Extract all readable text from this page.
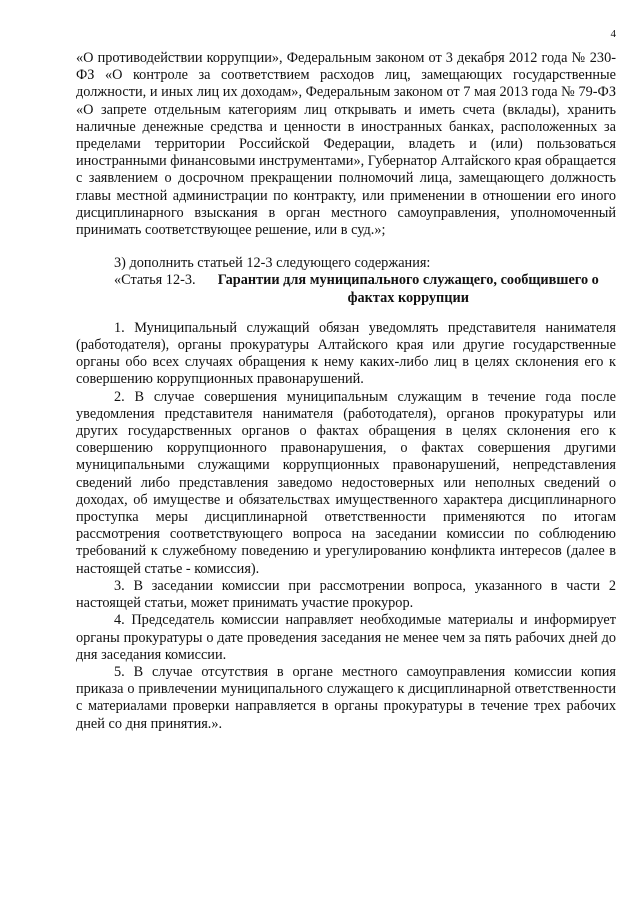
4

«О противодействии коррупции», Федеральным законом от 3 декабря 2012 года № 230-ФЗ «О контроле за соответствием расходов лиц, замещающих государственные должности, и иных лиц их доходам», Федеральным законом от 7 мая 2013 года № 79-ФЗ «О запрете отдельным категориям лиц открывать и иметь счета (вклады), хранить наличные денежные средства и ценности в иностранных банках, расположенных за пределами территории Российской Федерации, владеть и (или) пользоваться иностранными финансовыми инструментами», Губернатор Алтайского края обращается с заявлением о досрочном прекращении полномочий лица, замещающего должность главы местной администрации по контракту, или применении в отношении его иного дисциплинарного взыскания в орган местного самоуправления, уполномоченный принимать соответствующее решение, или в суд.»;

3) дополнить статьей 12-3 следующего содержания:

«Статья 12-3.	Гарантии для муниципального служащего, сообщившего о фактах коррупции

1. Муниципальный служащий обязан уведомлять представителя нанимателя (работодателя), органы прокуратуры Алтайского края или другие государственные органы обо всех случаях обращения к нему каких-либо лиц в целях склонения его к совершению коррупционных правонарушений.

2. В случае совершения муниципальным служащим в течение года после уведомления представителя нанимателя (работодателя), органов прокуратуры или других государственных органов о фактах обращения в целях склонения его к совершению коррупционного правонарушения, о фактах совершения другими муниципальными служащими коррупционных правонарушений, непредставления сведений либо представления заведомо недостоверных или неполных сведений о доходах, об имуществе и обязательствах имущественного характера дисциплинарного проступка меры дисциплинарной ответственности применяются по итогам рассмотрения соответствующего вопроса на заседании комиссии по соблюдению требований к служебному поведению и урегулированию конфликта интересов (далее в настоящей статье - комиссия).

3. В заседании комиссии при рассмотрении вопроса, указанного в части 2 настоящей статьи, может принимать участие прокурор.

4. Председатель комиссии направляет необходимые материалы и информирует органы прокуратуры о дате проведения заседания не менее чем за пять рабочих дней до дня заседания комиссии.

5. В случае отсутствия в органе местного самоуправления комиссии копия приказа о привлечении муниципального служащего к дисциплинарной ответственности с материалами проверки направляется в органы прокуратуры в течение трех рабочих дней со дня принятия.».
